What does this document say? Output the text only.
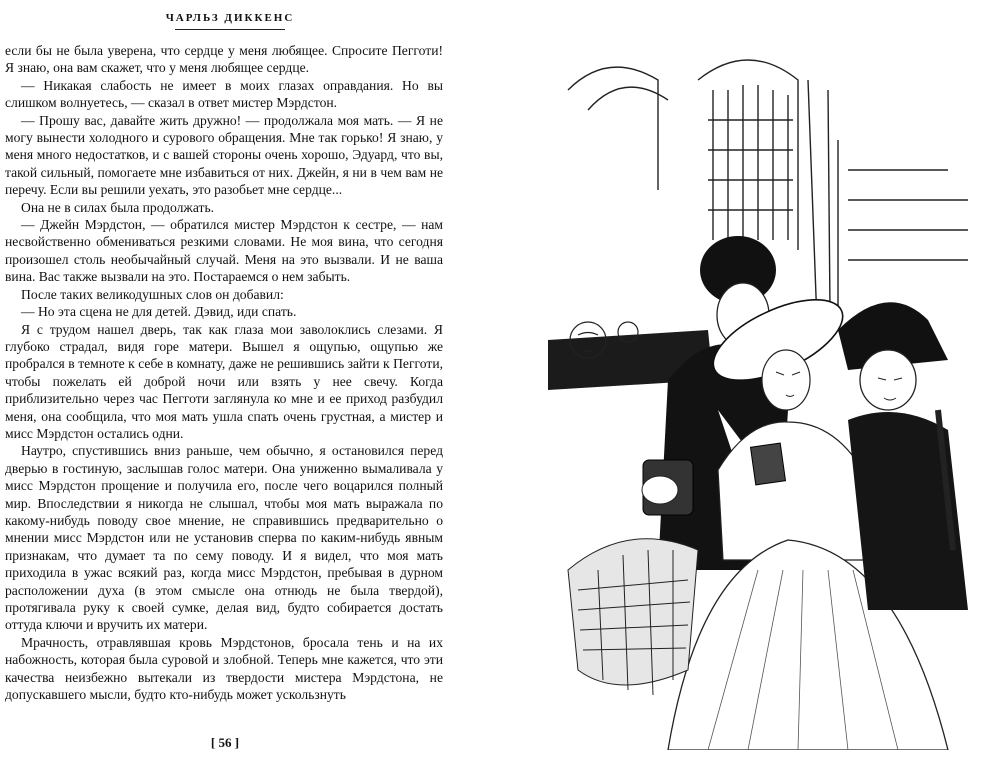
ЧАРЛЬЗ ДИККЕНС

если бы не была уверена, что сердце у меня любящее. Спросите Пегготи! Я знаю, она вам скажет, что у меня любящее сердце.

— Никакая слабость не имеет в моих глазах оправдания. Но вы слишком волнуетесь, — сказал в ответ мистер Мэрдстон.

— Прошу вас, давайте жить дружно! — продолжала моя мать. — Я не могу вынести холодного и сурового обращения. Мне так горько! Я знаю, у меня много недостатков, и с вашей стороны очень хорошо, Эдуард, что вы, такой сильный, помогаете мне избавиться от них. Джейн, я ни в чем вам не перечу. Если вы решили уехать, это разобьет мне сердце...

Она не в силах была продолжать.

— Джейн Мэрдстон, — обратился мистер Мэрдстон к сестре, — нам несвойственно обмениваться резкими словами. Не моя вина, что сегодня произошел столь необычайный случай. Меня на это вызвали. И не ваша вина. Вас также вызвали на это. Постараемся о нем забыть.

После таких великодушных слов он добавил:

— Но эта сцена не для детей. Дэвид, иди спать.

Я с трудом нашел дверь, так как глаза мои заволоклись слезами. Я глубоко страдал, видя горе матери. Вышел я ощупью, ощупью же пробрался в темноте к себе в комнату, даже не решившись зайти к Пегготи, чтобы пожелать ей доброй ночи или взять у нее свечу. Когда приблизительно через час Пегготи заглянула ко мне и ее приход разбудил меня, она сообщила, что моя мать ушла спать очень грустная, а мистер и мисс Мэрдстон остались одни.

Наутро, спустившись вниз раньше, чем обычно, я остановился перед дверью в гостиную, заслышав голос матери. Она униженно вымаливала у мисс Мэрдстон прощение и получила его, после чего воцарился полный мир. Впоследствии я никогда не слышал, чтобы моя мать выражала по какому-нибудь поводу свое мнение, не справившись предварительно о мнении мисс Мэрдстон или не установив сперва по каким-нибудь явным признакам, что думает та по сему поводу. И я видел, что моя мать приходила в ужас всякий раз, когда мисс Мэрдстон, пребывая в дурном расположении духа (в этом смысле она отнюдь не была твердой), протягивала руку к своей сумке, делая вид, будто собирается достать оттуда ключи и вручить их матери.

Мрачность, отравлявшая кровь Мэрдстонов, бросала тень и на их набожность, которая была суровой и злобной. Теперь мне кажется, что эти качества неизбежно вытекали из твердости мистера Мэрдстона, не допускавшего мысли, будто кто-нибудь может ускользнуть

[ 56 ]
